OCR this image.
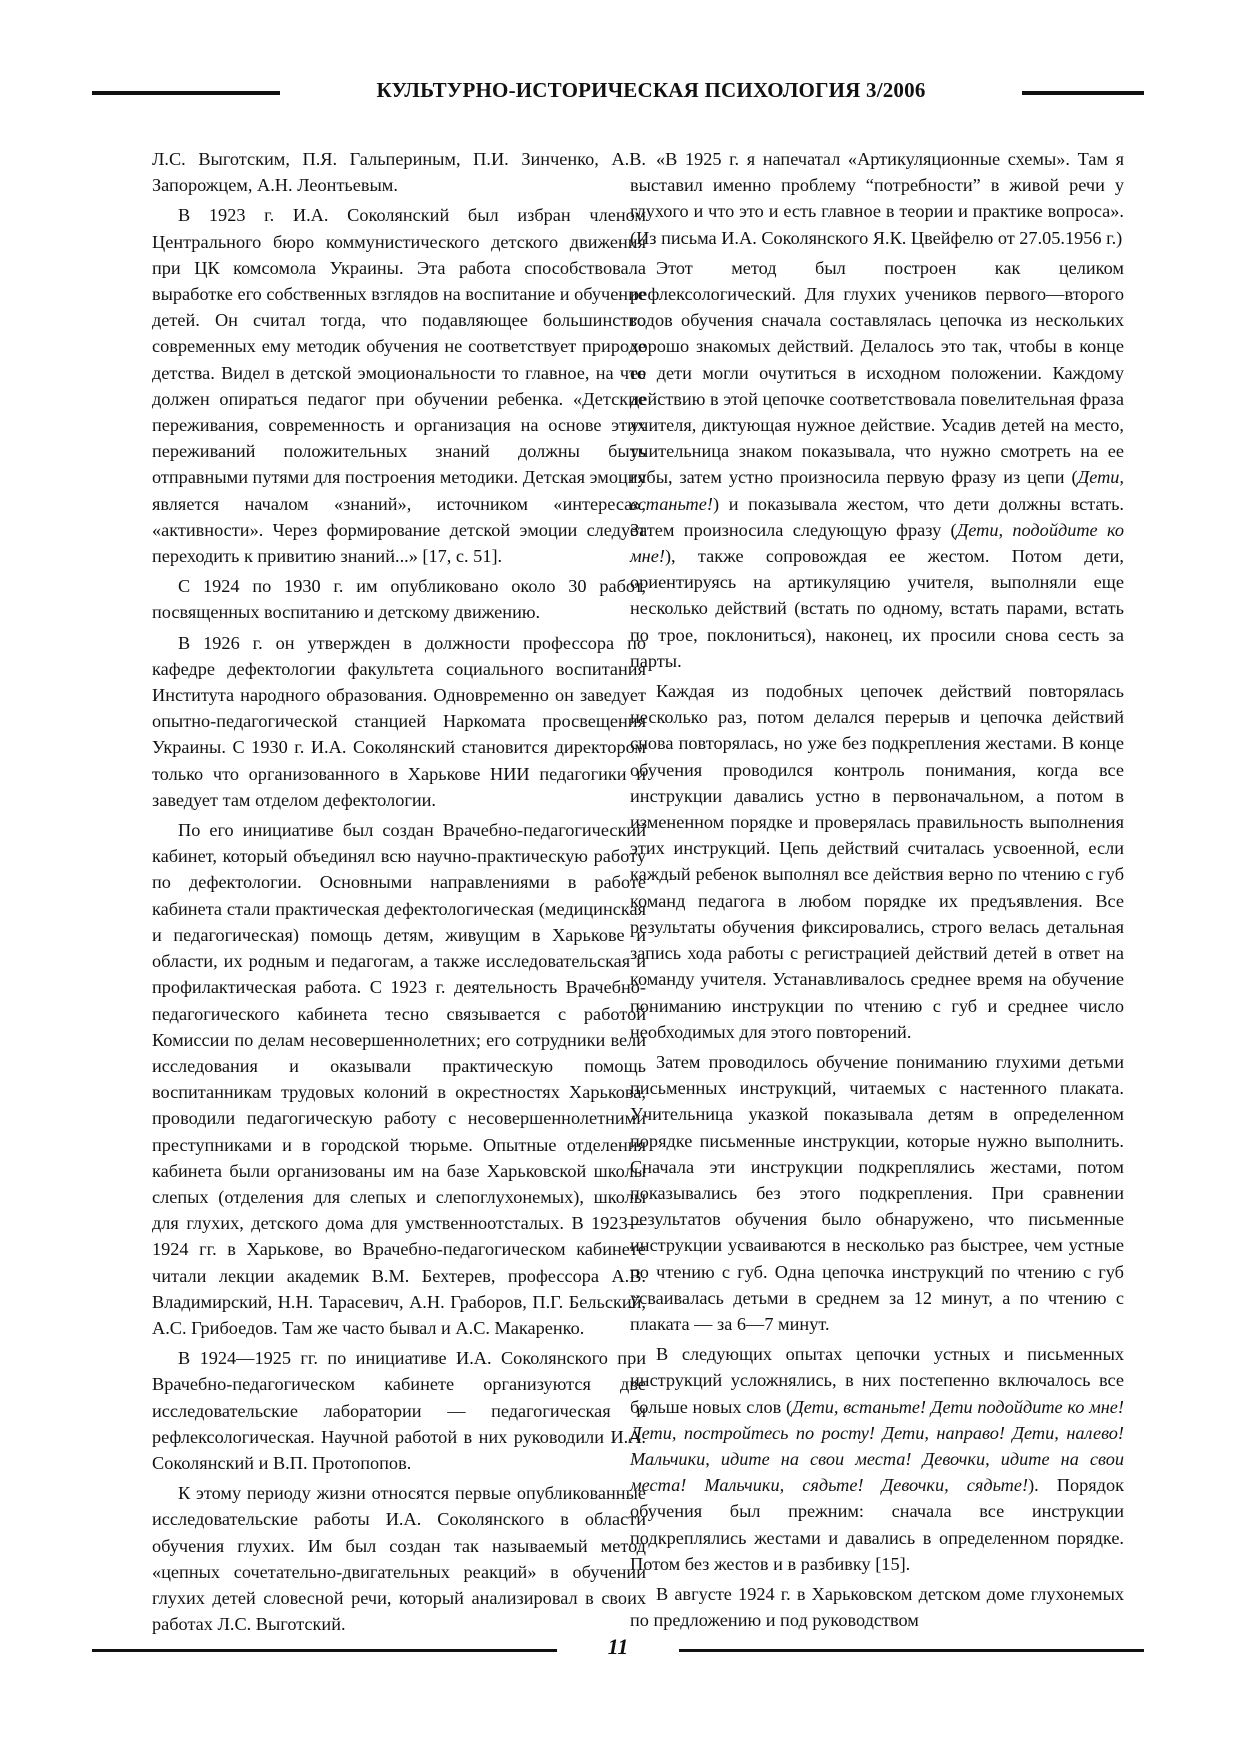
КУЛЬТУРНО-ИСТОРИЧЕСКАЯ ПСИХОЛОГИЯ 3/2006

Л.С. Выготским, П.Я. Гальпериным, П.И. Зинченко, А.В. Запорожцем, А.Н. Леонтьевым.

В 1923 г. И.А. Соколянский был избран членом Центрального бюро коммунистического детского движения при ЦК комсомола Украины. Эта работа способствовала выработке его собственных взглядов на воспитание и обучение детей. Он считал тогда, что подавляющее большинство современных ему методик обучения не соответствует природе детства. Видел в детской эмоциональности то главное, на что должен опираться педагог при обучении ребенка. «Детские переживания, современность и организация на основе этих переживаний положительных знаний должны быть отправными путями для построения методики. Детская эмоция является началом «знаний», источником «интереса», «активности». Через формирование детской эмоции следует переходить к привитию знаний...» [17, с. 51].

С 1924 по 1930 г. им опубликовано около 30 работ, посвященных воспитанию и детскому движению.

В 1926 г. он утвержден в должности профессора по кафедре дефектологии факультета социального воспитания Института народного образования. Одновременно он заведует опытно-педагогической станцией Наркомата просвещения Украины. С 1930 г. И.А. Соколянский становится директором только что организованного в Харькове НИИ педагогики и заведует там отделом дефектологии.

По его инициативе был создан Врачебно-педагогический кабинет, который объединял всю научно-практическую работу по дефектологии. Основными направлениями в работе кабинета стали практическая дефектологическая (медицинская и педагогическая) помощь детям, живущим в Харькове и области, их родным и педагогам, а также исследовательская и профилактическая работа. С 1923 г. деятельность Врачебно-педагогического кабинета тесно связывается с работой Комиссии по делам несовершеннолетних; его сотрудники вели исследования и оказывали практическую помощь воспитанникам трудовых колоний в окрестностях Харькова, проводили педагогическую работу с несовершеннолетними преступниками и в городской тюрьме. Опытные отделения кабинета были организованы им на базе Харьковской школы слепых (отделения для слепых и слепоглухонемых), школы для глухих, детского дома для умственноотсталых. В 1923—1924 гг. в Харькове, во Врачебно-педагогическом кабинете читали лекции академик В.М. Бехтерев, профессора А.В. Владимирский, Н.Н. Тарасевич, А.Н. Граборов, П.Г. Бельский, А.С. Грибоедов. Там же часто бывал и А.С. Макаренко.

В 1924—1925 гг. по инициативе И.А. Соколянского при Врачебно-педагогическом кабинете организуются две исследовательские лаборатории — педагогическая и рефлексологическая. Научной работой в них руководили И.А. Соколянский и В.П. Протопопов.

К этому периоду жизни относятся первые опубликованные исследовательские работы И.А. Соколянского в области обучения глухих. Им был создан так называемый метод «цепных сочетательно-двигательных реакций» в обучении глухих детей словесной речи, который анализировал в своих работах Л.С. Выготский.

«В 1925 г. я напечатал «Артикуляционные схемы». Там я выставил именно проблему “потребности” в живой речи у глухого и что это и есть главное в теории и практике вопроса». (Из письма И.А. Соколянского Я.К. Цвейфелю от 27.05.1956 г.)

Этот метод был построен как целиком рефлексологический. Для глухих учеников первого—второго годов обучения сначала составлялась цепочка из нескольких хорошо знакомых действий. Делалось это так, чтобы в конце ее дети могли очутиться в исходном положении. Каждому действию в этой цепочке соответствовала повелительная фраза учителя, диктующая нужное действие. Усадив детей на место, учительница знаком показывала, что нужно смотреть на ее губы, затем устно произносила первую фразу из цепи (Дети, встаньте!) и показывала жестом, что дети должны встать. Затем произносила следующую фразу (Дети, подойдите ко мне!), также сопровождая ее жестом. Потом дети, ориентируясь на артикуляцию учителя, выполняли еще несколько действий (встать по одному, встать парами, встать по трое, поклониться), наконец, их просили снова сесть за парты.

Каждая из подобных цепочек действий повторялась несколько раз, потом делался перерыв и цепочка действий снова повторялась, но уже без подкрепления жестами. В конце обучения проводился контроль понимания, когда все инструкции давались устно в первоначальном, а потом в измененном порядке и проверялась правильность выполнения этих инструкций. Цепь действий считалась усвоенной, если каждый ребенок выполнял все действия верно по чтению с губ команд педагога в любом порядке их предъявления. Все результаты обучения фиксировались, строго велась детальная запись хода работы с регистрацией действий детей в ответ на команду учителя. Устанавливалось среднее время на обучение пониманию инструкции по чтению с губ и среднее число необходимых для этого повторений.

Затем проводилось обучение пониманию глухими детьми письменных инструкций, читаемых с настенного плаката. Учительница указкой показывала детям в определенном порядке письменные инструкции, которые нужно выполнить. Сначала эти инструкции подкреплялись жестами, потом показывались без этого подкрепления. При сравнении результатов обучения было обнаружено, что письменные инструкции усваиваются в несколько раз быстрее, чем устные по чтению с губ. Одна цепочка инструкций по чтению с губ усваивалась детьми в среднем за 12 минут, а по чтению с плаката — за 6—7 минут.

В следующих опытах цепочки устных и письменных инструкций усложнялись, в них постепенно включалось все больше новых слов (Дети, встаньте! Дети подойдите ко мне! Дети, постройтесь по росту! Дети, направо! Дети, налево! Мальчики, идите на свои места! Девочки, идите на свои места! Мальчики, сядьте! Девочки, сядьте!). Порядок обучения был прежним: сначала все инструкции подкреплялись жестами и давались в определенном порядке. Потом без жестов и в разбивку [15].

В августе 1924 г. в Харьковском детском доме глухонемых по предложению и под руководством

11
